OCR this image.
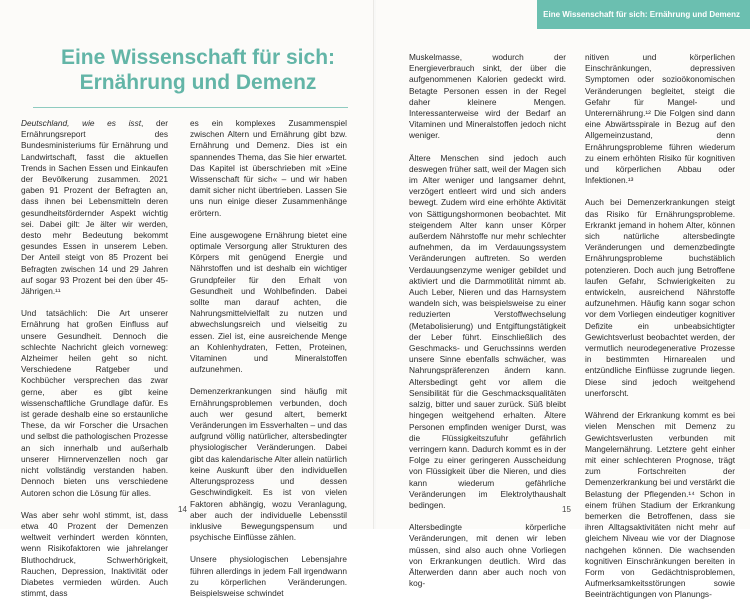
Eine Wissenschaft für sich:
Ernährung und Demenz

Deutschland, wie es isst, der Ernährungsreport des Bundesministeriums für Ernährung und Landwirtschaft, fasst die aktuellen Trends in Sachen Essen und Einkaufen der Bevölkerung zusammen. 2021 gaben 91 Prozent der Befragten an, dass ihnen bei Lebensmitteln deren gesundheitsfördernder Aspekt wichtig sei. Dabei gilt: Je älter wir werden, desto mehr Bedeutung bekommt gesundes Essen in unserem Leben. Der Anteil steigt von 85 Prozent bei Befragten zwischen 14 und 29 Jahren auf sogar 93 Prozent bei den über 45-Jährigen.¹¹

Und tatsächlich: Die Art unserer Ernährung hat großen Einfluss auf unsere Gesundheit. Dennoch die schlechte Nachricht gleich vorneweg: Alzheimer heilen geht so nicht. Verschiedene Ratgeber und Kochbücher versprechen das zwar gerne, aber es gibt keine wissenschaftliche Grundlage dafür. Es ist gerade deshalb eine so erstaunliche These, da wir Forscher die Ursachen und selbst die pathologischen Prozesse an sich innerhalb und außerhalb unserer Hirnnervenzellen noch gar nicht vollständig verstanden haben. Dennoch bieten uns verschiedene Autoren schon die Lösung für alles.

Was aber sehr wohl stimmt, ist, dass etwa 40 Prozent der Demenzen weltweit verhindert werden könnten, wenn Risikofaktoren wie jahrelanger Bluthochdruck, Schwerhörigkeit, Rauchen, Depression, Inaktivität oder Diabetes vermieden würden. Auch stimmt, dass

es ein komplexes Zusammenspiel zwischen Altern und Ernährung gibt bzw. Ernährung und Demenz. Dies ist ein spannendes Thema, das Sie hier erwartet. Das Kapitel ist überschrieben mit »Eine Wissenschaft für sich« – und wir haben damit sicher nicht übertrieben. Lassen Sie uns nun einige dieser Zusammenhänge erörtern.

Eine ausgewogene Ernährung bietet eine optimale Versorgung aller Strukturen des Körpers mit genügend Energie und Nährstoffen und ist deshalb ein wichtiger Grundpfeiler für den Erhalt von Gesundheit und Wohlbefinden. Dabei sollte man darauf achten, die Nahrungsmittelvielfalt zu nutzen und abwechslungsreich und vielseitig zu essen. Ziel ist, eine ausreichende Menge an Kohlenhydraten, Fetten, Proteinen, Vitaminen und Mineralstoffen aufzunehmen.

Demenzerkrankungen sind häufig mit Ernährungsproblemen verbunden, doch auch wer gesund altert, bemerkt Veränderungen im Essverhalten – und das aufgrund völlig natürlicher, altersbedingter physiologischer Veränderungen. Dabei gibt das kalendarische Alter allein natürlich keine Auskunft über den individuellen Alterungsprozess und dessen Geschwindigkeit. Es ist von vielen Faktoren abhängig, wozu Veranlagung, aber auch der individuelle Lebensstil inklusive Bewegungspensum und psychische Einflüsse zählen.

Unsere physiologischen Lebensjahre führen allerdings in jedem Fall irgendwann zu körperlichen Veränderungen. Beispielsweise schwindet

14
Eine Wissenschaft für sich: Ernährung und Demenz

Muskelmasse, wodurch der Energieverbrauch sinkt, der über die aufgenommenen Kalorien gedeckt wird. Betagte Personen essen in der Regel daher kleinere Mengen. Interessanterweise wird der Bedarf an Vitaminen und Mineralstoffen jedoch nicht weniger.

Ältere Menschen sind jedoch auch deswegen früher satt, weil der Magen sich im Alter weniger und langsamer dehnt, verzögert entleert wird und sich anders bewegt. Zudem wird eine erhöhte Aktivität von Sättigungshormonen beobachtet. Mit steigendem Alter kann unser Körper außerdem Nährstoffe nur mehr schlechter aufnehmen, da im Verdauungssystem Veränderungen auftreten. So werden Verdauungsenzyme weniger gebildet und aktiviert und die Darmmotilität nimmt ab. Auch Leber, Nieren und das Harnsystem wandeln sich, was beispielsweise zu einer reduzierten Verstoffwechselung (Metabolisierung) und Entgiftungstätigkeit der Leber führt. Einschließlich des Geschmacks- und Geruchssinns werden unsere Sinne ebenfalls schwächer, was Nahrungspräferenzen ändern kann. Altersbedingt geht vor allem die Sensibilität für die Geschmacksqualitäten salzig, bitter und sauer zurück. Süß bleibt hingegen weitgehend erhalten. Ältere Personen empfinden weniger Durst, was die Flüssigkeitszufuhr gefährlich verringern kann. Dadurch kommt es in der Folge zu einer geringeren Ausscheidung von Flüssigkeit über die Nieren, und dies kann wiederum gefährliche Veränderungen im Elektrolythaushalt bedingen.

Altersbedingte körperliche Veränderungen, mit denen wir leben müssen, sind also auch ohne Vorliegen von Erkrankungen deutlich. Wird das Älterwerden dann aber auch noch von kog-

nitiven und körperlichen Einschränkungen, depressiven Symptomen oder sozioökonomischen Veränderungen begleitet, steigt die Gefahr für Mangel- und Unterernährung.¹² Die Folgen sind dann eine Abwärtsspirale in Bezug auf den Allgemeinzustand, denn Ernährungsprobleme führen wiederum zu einem erhöhten Risiko für kognitiven und körperlichen Abbau oder Infektionen.¹³

Auch bei Demenzerkrankungen steigt das Risiko für Ernährungsprobleme. Erkrankt jemand in hohem Alter, können sich natürliche altersbedingte Veränderungen und demenzbedingte Ernährungsprobleme buchstäblich potenzieren. Doch auch jung Betroffene laufen Gefahr, Schwierigkeiten zu entwickeln, ausreichend Nährstoffe aufzunehmen. Häufig kann sogar schon vor dem Vorliegen eindeutiger kognitiver Defizite ein unbeabsichtigter Gewichtsverlust beobachtet werden, der vermutlich neurodegenerative Prozesse in bestimmten Hirnarealen und entzündliche Einflüsse zugrunde liegen. Diese sind jedoch weitgehend unerforscht.

Während der Erkrankung kommt es bei vielen Menschen mit Demenz zu Gewichtsverlusten verbunden mit Mangelernährung. Letztere geht einher mit einer schlechteren Prognose, trägt zum Fortschreiten der Demenzerkrankung bei und verstärkt die Belastung der Pflegenden.¹⁴ Schon in einem frühen Stadium der Erkrankung bemerken die Betroffenen, dass sie ihren Alltagsaktivitäten nicht mehr auf gleichem Niveau wie vor der Diagnose nachgehen können. Die wachsenden kognitiven Einschränkungen bereiten in Form von Gedächtnisproblemen, Aufmerksamkeitsstörungen sowie Beeinträchtigungen von Planungs-

15
